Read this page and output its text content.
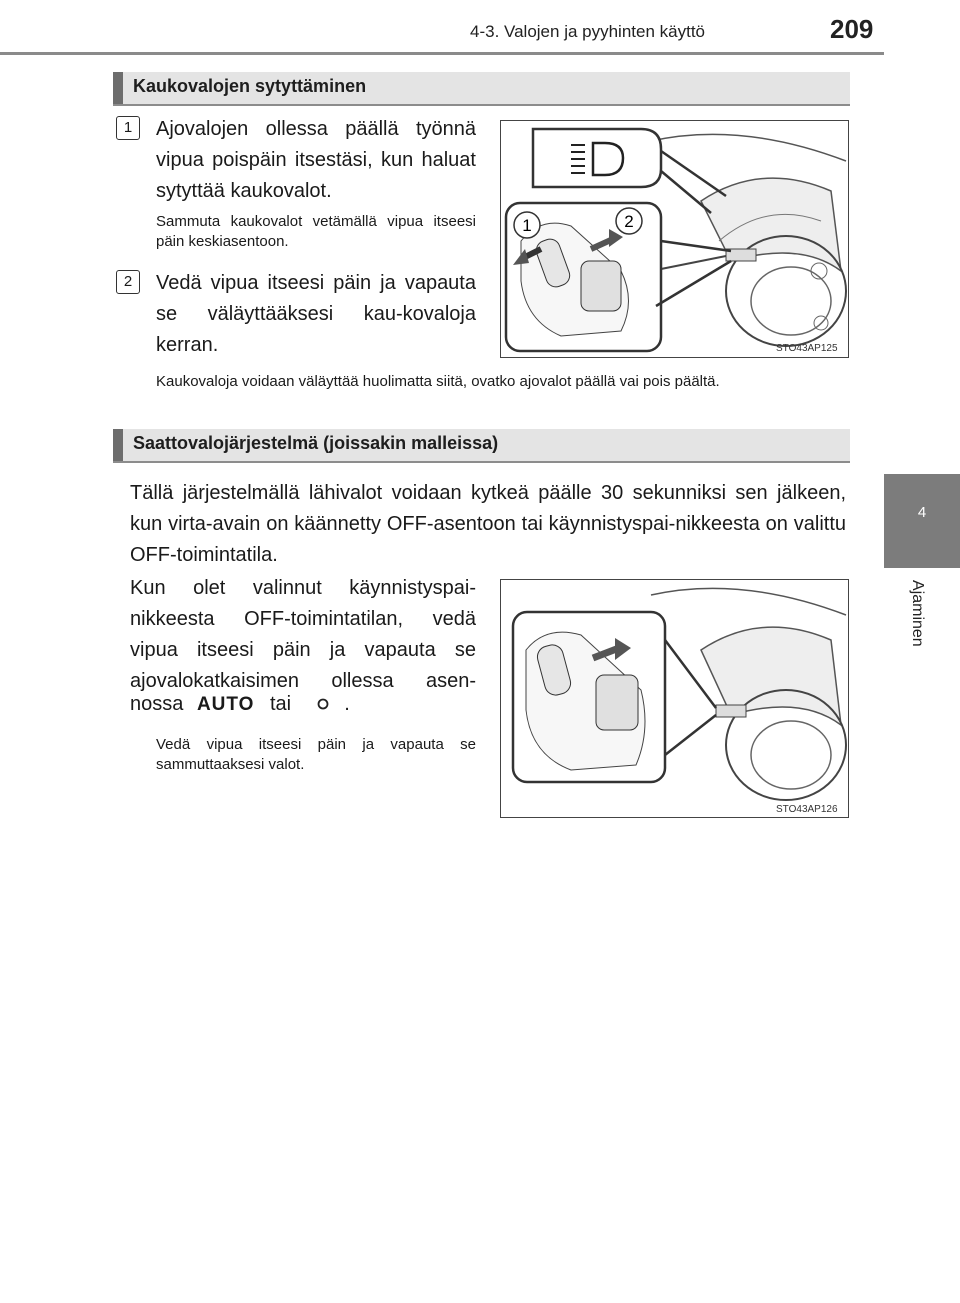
4-3. Valojen ja pyyhinten käyttö	209
4
Ajaminen
Kaukovalojen sytyttäminen
1	Ajovalojen ollessa päällä työnnä vipua poispäin itsestäsi, kun haluat sytyttää kaukovalot.
Sammuta kaukovalot vetämällä vipua itseesi päin keskiasentoon.
2	Vedä vipua itseesi päin ja vapauta se väläyttääksesi kau-kovaloja kerran.
1	2
STO43AP125
Kaukovaloja voidaan väläyttää huolimatta siitä, ovatko ajovalot päällä vai pois päältä.
Saattovalojärjestelmä (joissakin malleissa)
Tällä järjestelmällä lähivalot voidaan kytkeä päälle 30 sekunniksi sen jälkeen, kun virta-avain on käännetty OFF-asentoon tai käynnistyspai-nikkeesta on valittu OFF-toimintatila.
Kun olet valinnut käynnistyspai-nikkeesta OFF-toimintatilan, vedä vipua itseesi päin ja vapauta se ajovalokatkaisimen ollessa asen-
nossa AUTO tai	.
Vedä vipua itseesi päin ja vapauta se sammuttaaksesi valot.
STO43AP126
